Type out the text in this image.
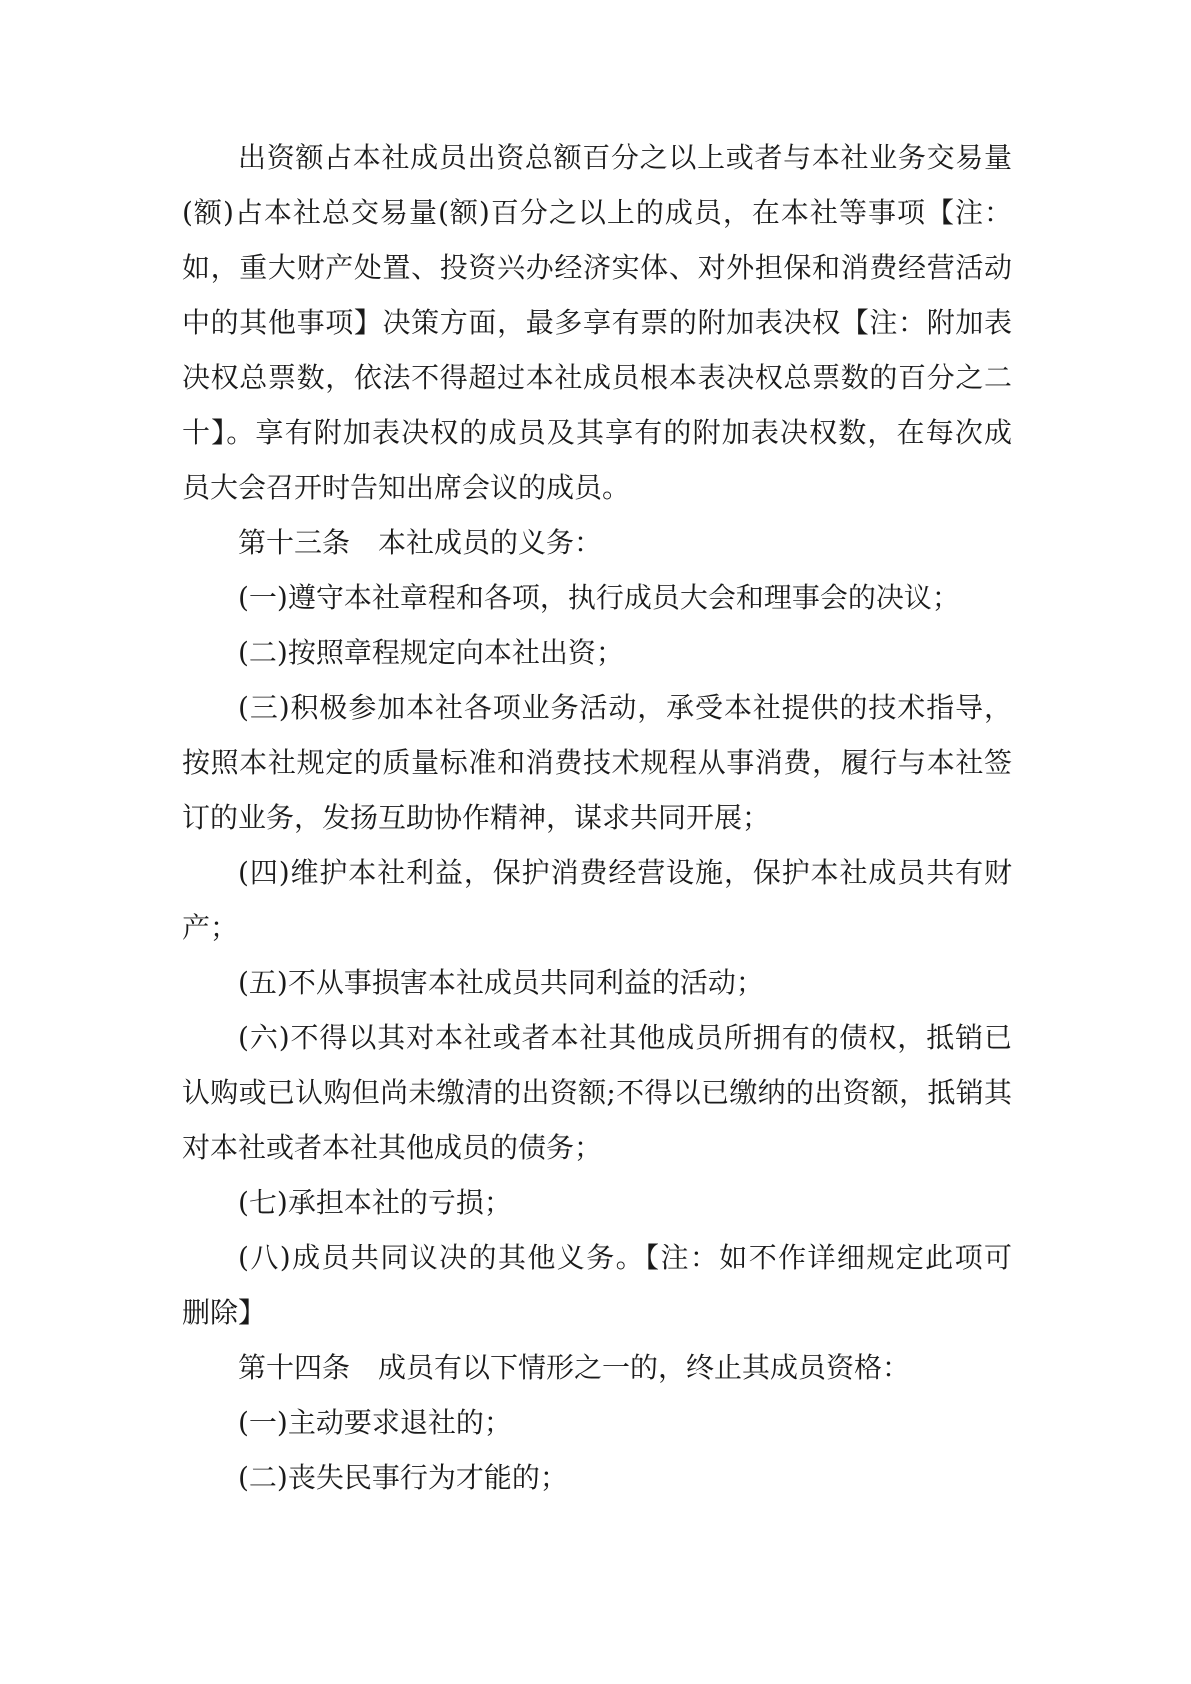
出资额占本社成员出资总额百分之以上或者与本社业务交易量

(额)占本社总交易量(额)百分之以上的成员，在本社等事项【注：

如，重大财产处置、投资兴办经济实体、对外担保和消费经营活动

中的其他事项】决策方面，最多享有票的附加表决权【注：附加表

决权总票数，依法不得超过本社成员根本表决权总票数的百分之二

十】。享有附加表决权的成员及其享有的附加表决权数，在每次成

员大会召开时告知出席会议的成员。

第十三条　本社成员的义务：

(一)遵守本社章程和各项，执行成员大会和理事会的决议；

(二)按照章程规定向本社出资；

(三)积极参加本社各项业务活动，承受本社提供的技术指导，

按照本社规定的质量标准和消费技术规程从事消费，履行与本社签

订的业务，发扬互助协作精神，谋求共同开展；

(四)维护本社利益，保护消费经营设施，保护本社成员共有财

产；

(五)不从事损害本社成员共同利益的活动；

(六)不得以其对本社或者本社其他成员所拥有的债权，抵销已

认购或已认购但尚未缴清的出资额;不得以已缴纳的出资额，抵销其

对本社或者本社其他成员的债务；

(七)承担本社的亏损；

(八)成员共同议决的其他义务。【注：如不作详细规定此项可

删除】

第十四条　成员有以下情形之一的，终止其成员资格：

(一)主动要求退社的；

(二)丧失民事行为才能的；
